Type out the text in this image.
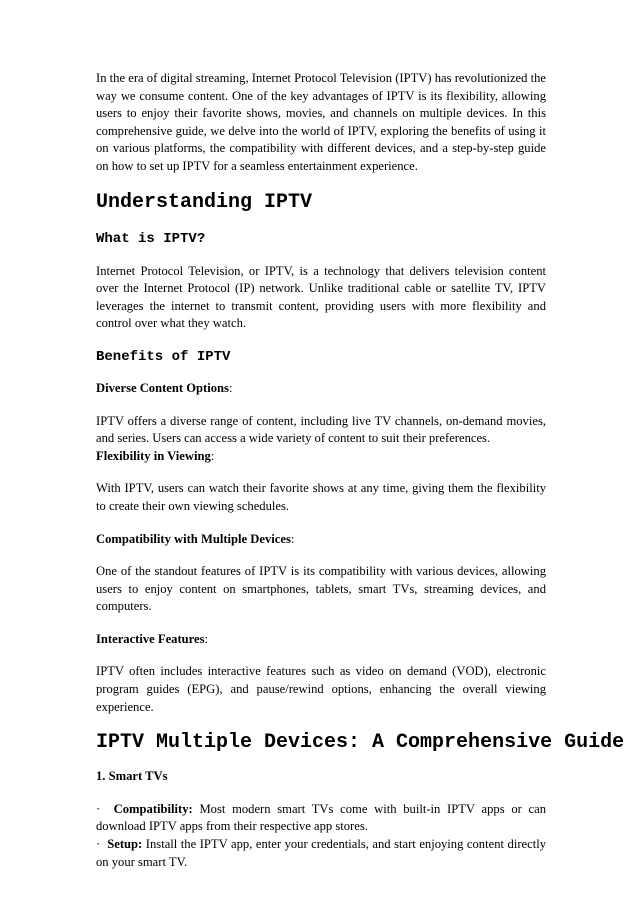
In the era of digital streaming, Internet Protocol Television (IPTV) has revolutionized the way we consume content. One of the key advantages of IPTV is its flexibility, allowing users to enjoy their favorite shows, movies, and channels on multiple devices. In this comprehensive guide, we delve into the world of IPTV, exploring the benefits of using it on various platforms, the compatibility with different devices, and a step-by-step guide on how to set up IPTV for a seamless entertainment experience.

Understanding IPTV
What is IPTV?

Internet Protocol Television, or IPTV, is a technology that delivers television content over the Internet Protocol (IP) network. Unlike traditional cable or satellite TV, IPTV leverages the internet to transmit content, providing users with more flexibility and control over what they watch.

Benefits of IPTV

Diverse Content Options:

IPTV offers a diverse range of content, including live TV channels, on-demand movies, and series. Users can access a wide variety of content to suit their preferences.

Flexibility in Viewing:

With IPTV, users can watch their favorite shows at any time, giving them the flexibility to create their own viewing schedules.

Compatibility with Multiple Devices:

One of the standout features of IPTV is its compatibility with various devices, allowing users to enjoy content on smartphones, tablets, smart TVs, streaming devices, and computers.

Interactive Features:

IPTV often includes interactive features such as video on demand (VOD), electronic program guides (EPG), and pause/rewind options, enhancing the overall viewing experience.

IPTV Multiple Devices: A Comprehensive Guide

1. Smart TVs

· Compatibility: Most modern smart TVs come with built-in IPTV apps or can download IPTV apps from their respective app stores.

· Setup: Install the IPTV app, enter your credentials, and start enjoying content directly on your smart TV.
